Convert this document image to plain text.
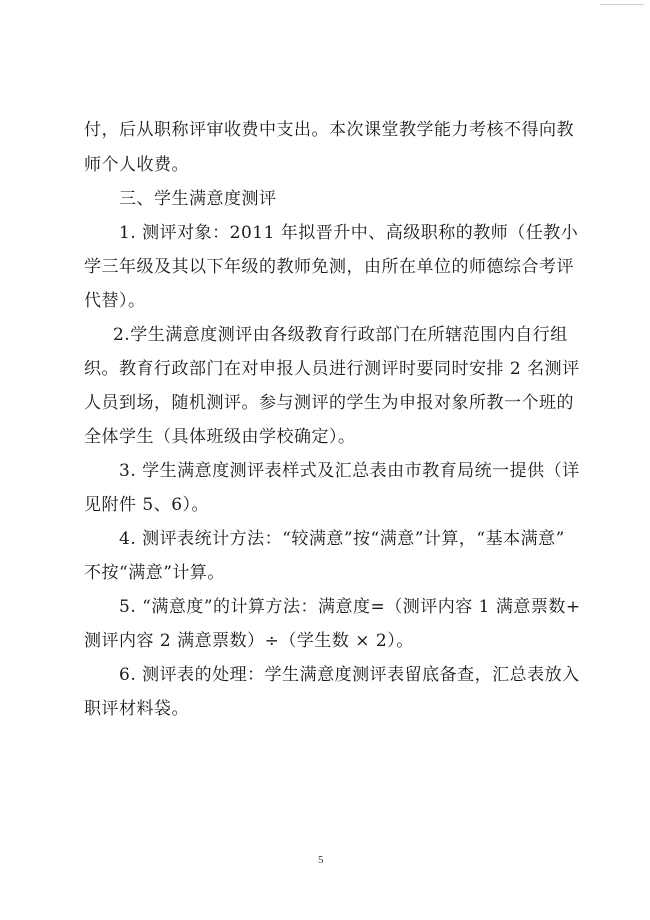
付，后从职称评审收费中支出。本次课堂教学能力考核不得向教
师个人收费。
三、学生满意度测评
1. 测评对象：2011 年拟晋升中、高级职称的教师（任教小
学三年级及其以下年级的教师免测，由所在单位的师德综合考评
代替）。
2.学生满意度测评由各级教育行政部门在所辖范围内自行组
织。教育行政部门在对申报人员进行测评时要同时安排 2 名测评
人员到场，随机测评。参与测评的学生为申报对象所教一个班的
全体学生（具体班级由学校确定）。
3. 学生满意度测评表样式及汇总表由市教育局统一提供（详
见附件 5、6）。
4. 测评表统计方法：“较满意”按“满意”计算，“基本满意”
不按“满意”计算。
5. “满意度”的计算方法：满意度=（测评内容 1 满意票数+
测评内容 2 满意票数）÷（学生数 × 2）。
6. 测评表的处理：学生满意度测评表留底备查，汇总表放入
职评材料袋。
5
